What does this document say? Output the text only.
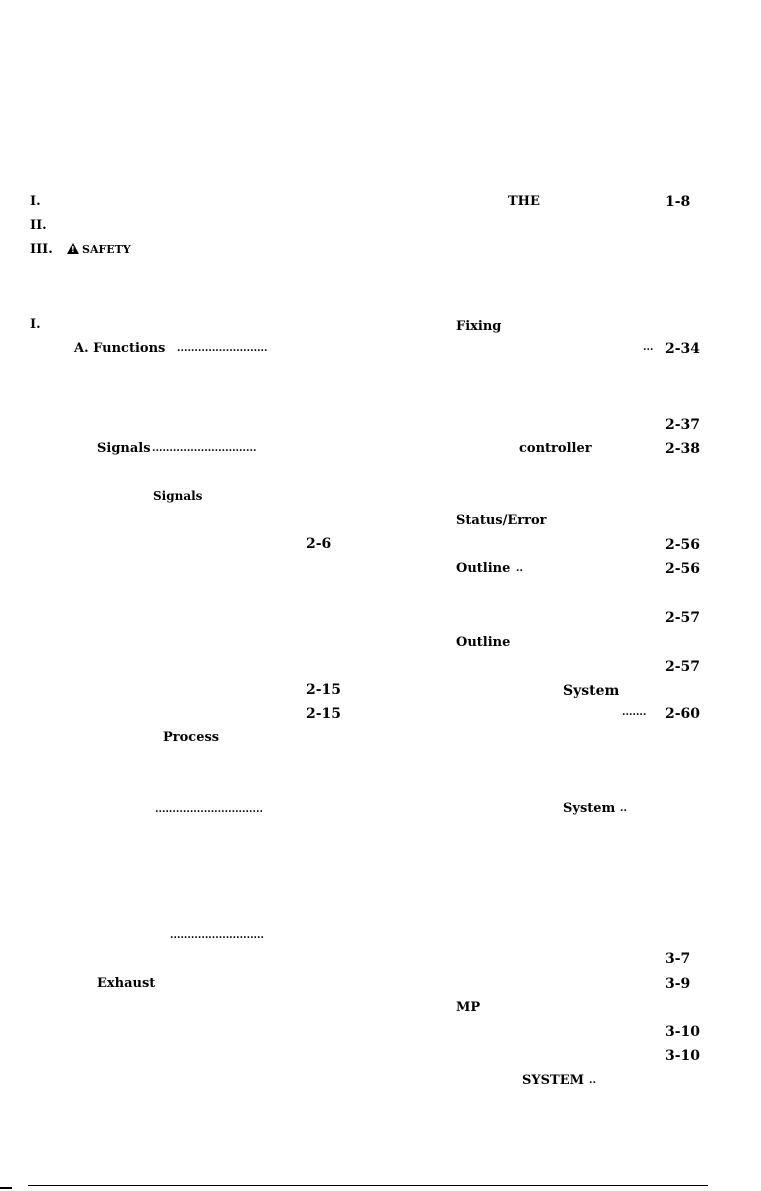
I.
II.
III.
!	SAFETY
I.
A. Functions ..........................
Signals ..............................
Signals
2-6
2-15
2-15
Process
...............................
...........................
Exhaust
THE	1-8
Fixing
... 2-34
2-37
controller	2-38
Status/Error
2-56
Outline ..	2-56
2-57
Outline
2-57
System
....... 2-60
System ..
3-7
3-9
MP
3-10
3-10
SYSTEM ..
